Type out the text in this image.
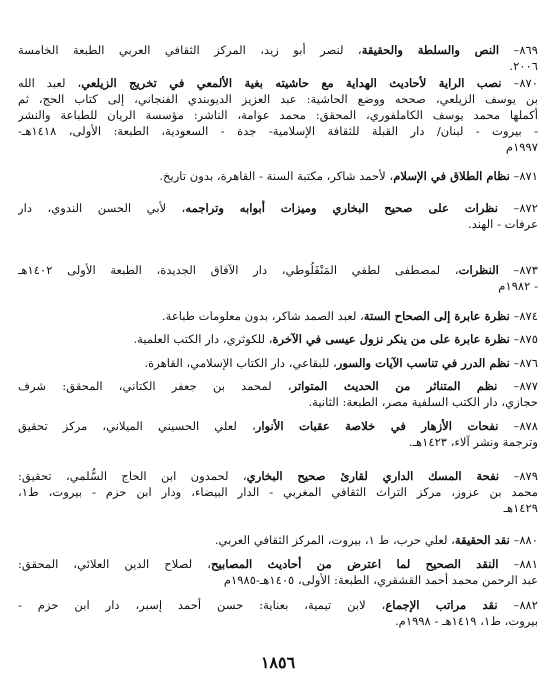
٨٦٩– النص والسلطة والحقيقة، لنصر أبو زيد، المركز الثقافي العربي الطبعة الخامسة
٢٠٠٦.
٨٧٠– نصب الراية لأحاديث الهداية مع حاشيته بغية الألمعي في تخريج الزيلعي، لعبد الله
بن يوسف الزيلعي، صححه ووضع الحاشية: عبد العزيز الديوبندي الفنجاني، إلى كتاب الحج، ثم
أكملها محمد يوسف الكاملفوري، المحقق: محمد عوامة، الناشر: مؤسسة الريان للطباعة والنشر
- بيروت - لبنان/ دار القبلة للثقافة الإسلامية- جدة - السعودية، الطبعة: الأولى، ١٤١٨هـ-
١٩٩٧م
٨٧١– نظام الطلاق في الإسلام، لأحمد شاكر، مكتبة السنة - القاهرة، بدون تاريخ.
٨٧٢– نظرات على صحيح البخاري وميزات أبوابه وتراجمه، لأبي الحسن الندوي، دار
عرفات - الهند.
٨٧٣– النظرات، لمصطفى لطفي المَنْفَلُوطي، دار الآفاق الجديدة، الطبعة الأولى ١٤٠٢هـ
- ١٩٨٢م
٨٧٤– نظرة عابرة إلى الصحاح الستة، لعبد الصمد شاكر، بدون معلومات طباعة.
٨٧٥– نظرة عابرة على من ينكر نزول عيسى في الآخرة، للكوثري، دار الكتب العلمية.
٨٧٦– نظم الدرر في تناسب الآيات والسور، للبقاعي، دار الكتاب الإسلامي، القاهرة.
٨٧٧– نظم المتناثر من الحديث المتواتر، لمحمد بن جعفر الكتاني، المحقق: شرف
حجازي، دار الكتب السلفية مصر، الطبعة: الثانية.
٨٧٨– نفحات الأزهار في خلاصة عقبات الأنوار، لعلي الحسيني الميلاني، مركز تحقيق
وترجمة ونشر آلاء، ١٤٢٣هـ.
٨٧٩– نفحة المسك الداري لقارئ صحيح البخاري، لحمدون ابن الحاج السُّلمي، تحقيق:
محمد بن عزوز، مركز التراث الثقافي المغربي - الدار البيضاء، ودار ابن حزم - بيروت، ط١،
١٤٢٩هـ
٨٨٠– نقد الحقيقة، لعلي حرب، ط ١، بيروت، المركز الثقافي العربي.
٨٨١– النقد الصحيح لما اعترض من أحاديث المصابيح، لصلاح الدين العلائي، المحقق:
عبد الرحمن محمد أحمد القشقري، الطبعة: الأولى، ١٤٠٥هـ-١٩٨٥م
٨٨٢– نقد مراتب الإجماع، لابن تيمية، بعناية: حسن أحمد إسبر، دار ابن حزم -
بيروت، ط١، ١٤١٩هـ - ١٩٩٨م.
١٨٥٦
